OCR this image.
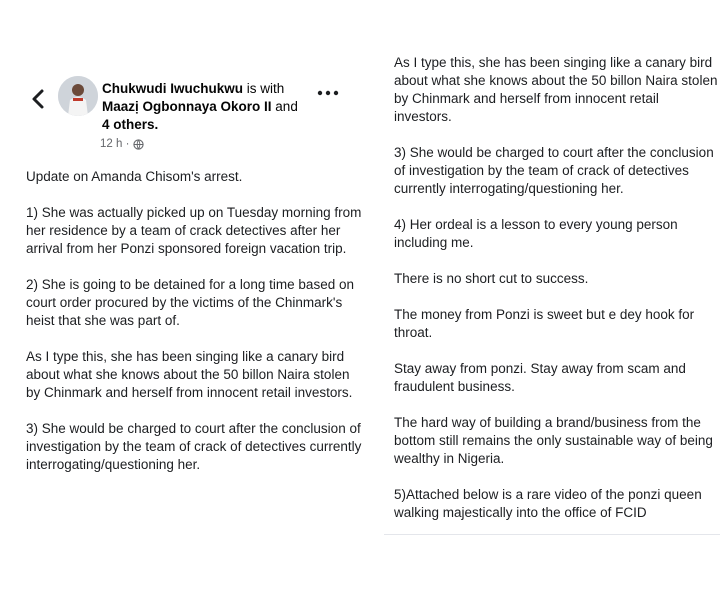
Chukwudi Iwuchukwu is with
Maazị Ogbonnaya Okoro II and
4 others.
12 h ·

Update on Amanda Chisom's arrest.

1) She was actually picked up on Tuesday morning from her residence by a team of crack detectives after her arrival from her Ponzi sponsored foreign vacation trip.

2) She is going to be detained for a long time based on court order procured by the victims of the Chinmark's heist that she was part of.

As I type this, she has been singing like a canary bird about what she knows about the 50 billon Naira stolen by Chinmark and herself from innocent retail investors.

3) She would be charged to court after the conclusion of investigation by the team of crack of detectives currently interrogating/questioning her.

As I type this, she has been singing like a canary bird about what she knows about the 50 billon Naira stolen by Chinmark and herself from innocent retail investors.

3) She would be charged to court after the conclusion of investigation by the team of crack of detectives currently interrogating/questioning her.

4) Her ordeal is a lesson to every young person including me.

There is no short cut to success.

The money from Ponzi is sweet but e dey hook for throat.

Stay away from ponzi. Stay away from scam and fraudulent business.

The hard way of building a brand/business from the bottom still remains the only sustainable way of being wealthy in Nigeria.

5)Attached below is a rare video of the ponzi queen walking majestically into the office of FCID
